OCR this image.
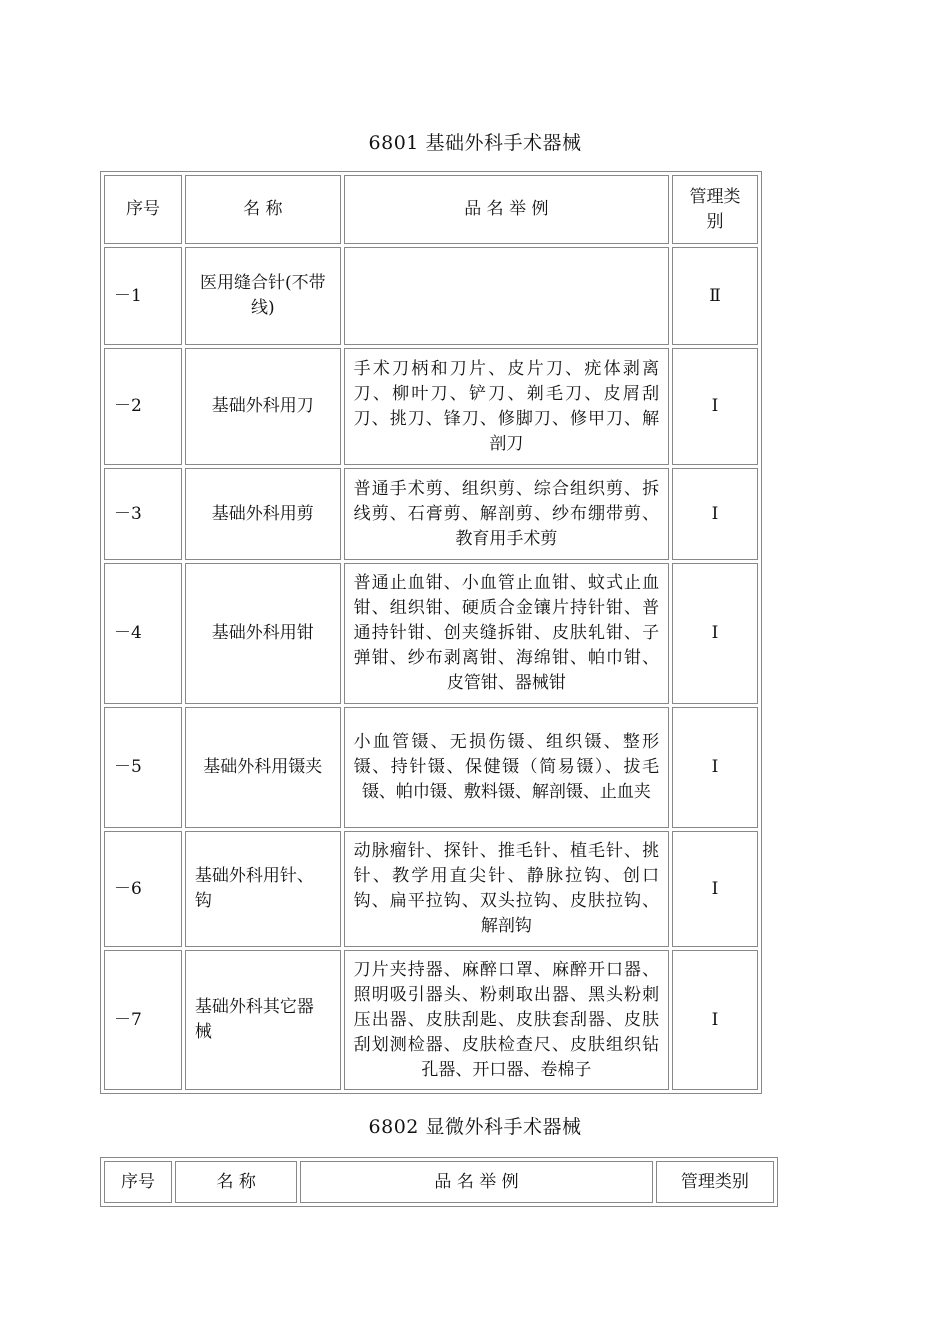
6801 基础外科手术器械
序号	名 称	品 名 举 例	管理类别
－1	医用缝合针(不带线)		Ⅱ
－2	基础外科用刀	手术刀柄和刀片、皮片刀、疣体剥离刀、柳叶刀、铲刀、剃毛刀、皮屑刮刀、挑刀、锋刀、修脚刀、修甲刀、解剖刀	Ⅰ
－3	基础外科用剪	普通手术剪、组织剪、综合组织剪、拆线剪、石膏剪、解剖剪、纱布绷带剪、教育用手术剪	Ⅰ
－4	基础外科用钳	普通止血钳、小血管止血钳、蚊式止血钳、组织钳、硬质合金镶片持针钳、普通持针钳、创夹缝拆钳、皮肤轧钳、子弹钳、纱布剥离钳、海绵钳、帕巾钳、皮管钳、器械钳	Ⅰ
－5	基础外科用镊夹	小血管镊、无损伤镊、组织镊、整形镊、持针镊、保健镊（简易镊）、拔毛镊、帕巾镊、敷料镊、解剖镊、止血夹	Ⅰ
－6	基础外科用针、钩	动脉瘤针、探针、推毛针、植毛针、挑针、教学用直尖针、静脉拉钩、创口钩、扁平拉钩、双头拉钩、皮肤拉钩、解剖钩	Ⅰ
－7	基础外科其它器械	刀片夹持器、麻醉口罩、麻醉开口器、照明吸引器头、粉刺取出器、黑头粉刺压出器、皮肤刮匙、皮肤套刮器、皮肤刮划测检器、皮肤检查尺、皮肤组织钻孔器、开口器、卷棉子	Ⅰ
6802 显微外科手术器械
序号	名 称	品 名 举 例	管理类别
